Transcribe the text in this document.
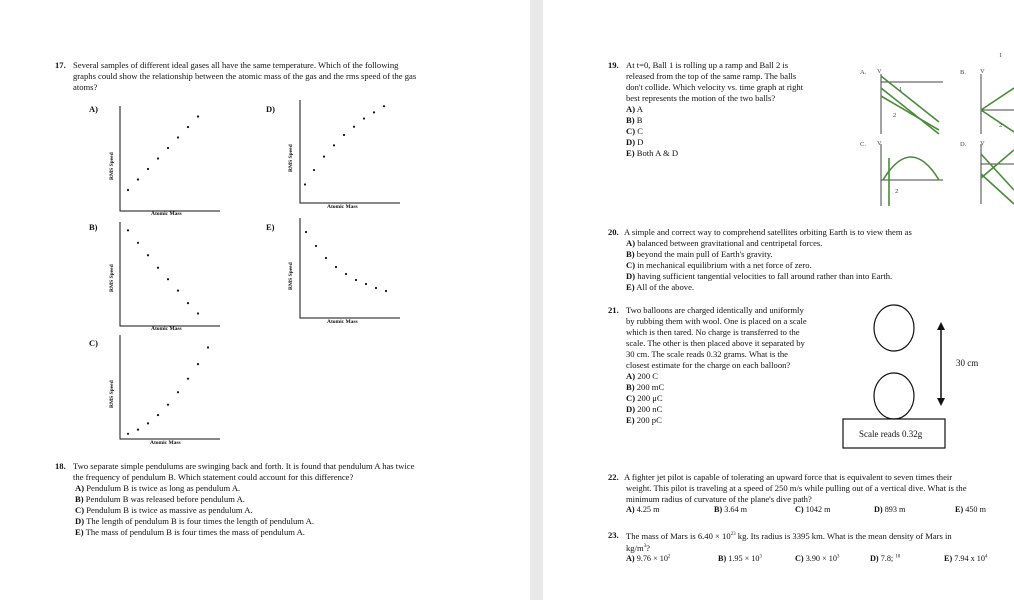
17. Several samples of different ideal gases all have the same temperature. Which of the following
graphs could show the relationship between the atomic mass of the gas and the rms speed of the gas
atoms?
A)
RMS Speed
Atomic Mass
D)
RMS Speed
Atomic Mass
B)
RMS Speed
Atomic Mass
E)
RMS Speed
Atomic Mass
C)
RMS Speed
Atomic Mass
18. Two separate simple pendulums are swinging back and forth. It is found that pendulum A has twice
the frequency of pendulum B. Which statement could account for this difference?
A) Pendulum B is twice as long as pendulum A.
B) Pendulum B was released before pendulum A.
C) Pendulum B is twice as massive as pendulum A.
D) The length of pendulum B is four times the length of pendulum A.
E) The mass of pendulum B is four times the mass of pendulum A.
19. At t=0, Ball 1 is rolling up a ramp and Ball 2 is
released from the top of the same ramp. The balls
don't collide. Which velocity vs. time graph at right
best represents the motion of the two balls?
A) A
B) B
C) C
D) D
E) Both A & D
A. V
1
2
B. V
1
2
C. V
2
D. V
20. A simple and correct way to comprehend satellites orbiting Earth is to view them as
A) balanced between gravitational and centripetal forces.
B) beyond the main pull of Earth's gravity.
C) in mechanical equilibrium with a net force of zero.
D) having sufficient tangential velocities to fall around rather than into Earth.
E) All of the above.
21. Two balloons are charged identically and uniformly
by rubbing them with wool. One is placed on a scale
which is then tared. No charge is transferred to the
scale. The other is then placed above it separated by
30 cm. The scale reads 0.32 grams. What is the
closest estimate for the charge on each balloon?
A) 200 C
B) 200 mC
C) 200 μC
D) 200 nC
E) 200 pC
30 cm
Scale reads 0.32g
22. A fighter jet pilot is capable of tolerating an upward force that is equivalent to seven times their
weight. This pilot is traveling at a speed of 250 m/s while pulling out of a vertical dive. What is the
minimum radius of curvature of the plane's dive path?
A) 4.25 m	B) 3.64 m	C) 1042 m	D) 893 m	E) 450 m
23. The mass of Mars is $6.40 \times 10^{23}$ kg. Its radius is 3395 km. What is the mean density of Mars in
$kg/m^3$?
A) $9.76 \times 10^2$	B) $1.95 \times 10^3$	C) $3.90 \times 10^3$	D) 7.8; $^{10}$	E) 7.94 x $10^4$
